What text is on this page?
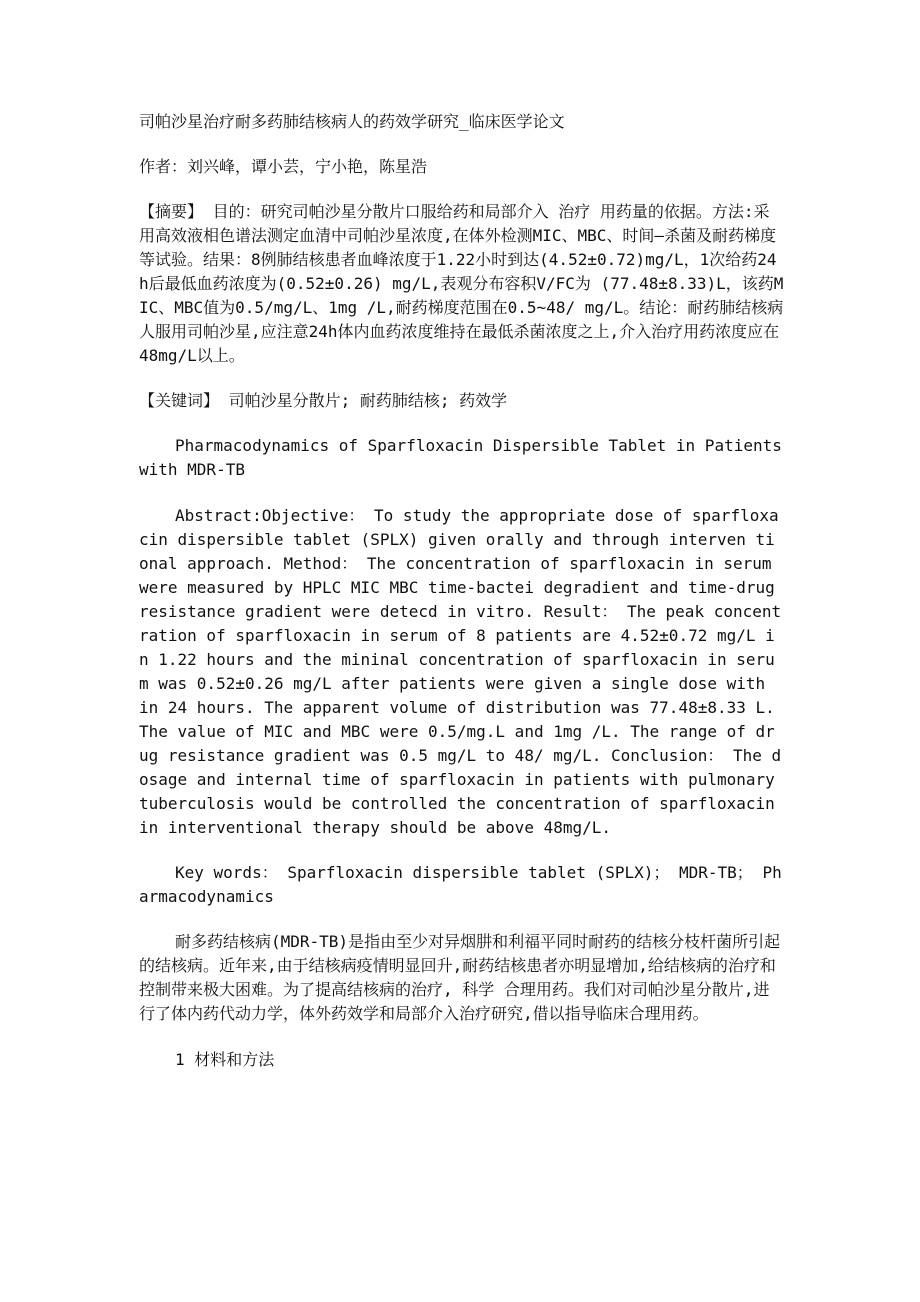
司帕沙星治疗耐多药肺结核病人的药效学研究_临床医学论文

作者：刘兴峰，谭小芸，宁小艳，陈星浩

【摘要】 目的：研究司帕沙星分散片口服给药和局部介入 治疗 用药量的依据。方法:采用高效液相色谱法测定血清中司帕沙星浓度,在体外检测MIC、MBC、时间—杀菌及耐药梯度等试验。结果：8例肺结核患者血峰浓度于1.22小时到达(4.52±0.72)mg/L，1次给药24h后最低血药浓度为(0.52±0.26) mg/L,表观分布容积V/FC为 (77.48±8.33)L，该药MIC、MBC值为0.5/mg/L、1mg /L,耐药梯度范围在0.5~48/ mg/L。结论：耐药肺结核病人服用司帕沙星,应注意24h体内血药浓度维持在最低杀菌浓度之上,介入治疗用药浓度应在48mg/L以上。

【关键词】 司帕沙星分散片; 耐药肺结核; 药效学

Pharmacodynamics of Sparfloxacin Dispersible Tablet in Patients with MDR-TB

Abstract:Objective： To study the appropriate dose of sparfloxacin dispersible tablet (SPLX) given orally and through interven tional approach. Method： The concentration of sparfloxacin in serum were measured by HPLC MIC MBC time-bactei degradient and time-drug resistance gradient were detecd in vitro. Result： The peak concentration of sparfloxacin in serum of 8 patients are 4.52±0.72 mg/L in 1.22 hours and the mininal concentration of sparfloxacin in serum was 0.52±0.26 mg/L after patients were given a single dose with in 24 hours. The apparent volume of distribution was 77.48±8.33 L. The value of MIC and MBC were 0.5/mg.L and 1mg /L. The range of drug resistance gradient was 0.5 mg/L to 48/ mg/L. Conclusion： The dosage and internal time of sparfloxacin in patients with pulmonary tuberculosis would be controlled the concentration of sparfloxacin in interventional therapy should be above 48mg/L.

Key words： Sparfloxacin dispersible tablet (SPLX)； MDR-TB； Pharmacodynamics

耐多药结核病(MDR-TB)是指由至少对异烟肼和利福平同时耐药的结核分枝杆菌所引起的结核病。近年来,由于结核病疫情明显回升,耐药结核患者亦明显增加,给结核病的治疗和控制带来极大困难。为了提高结核病的治疗, 科学 合理用药。我们对司帕沙星分散片,进行了体内药代动力学，体外药效学和局部介入治疗研究,借以指导临床合理用药。

1 材料和方法
